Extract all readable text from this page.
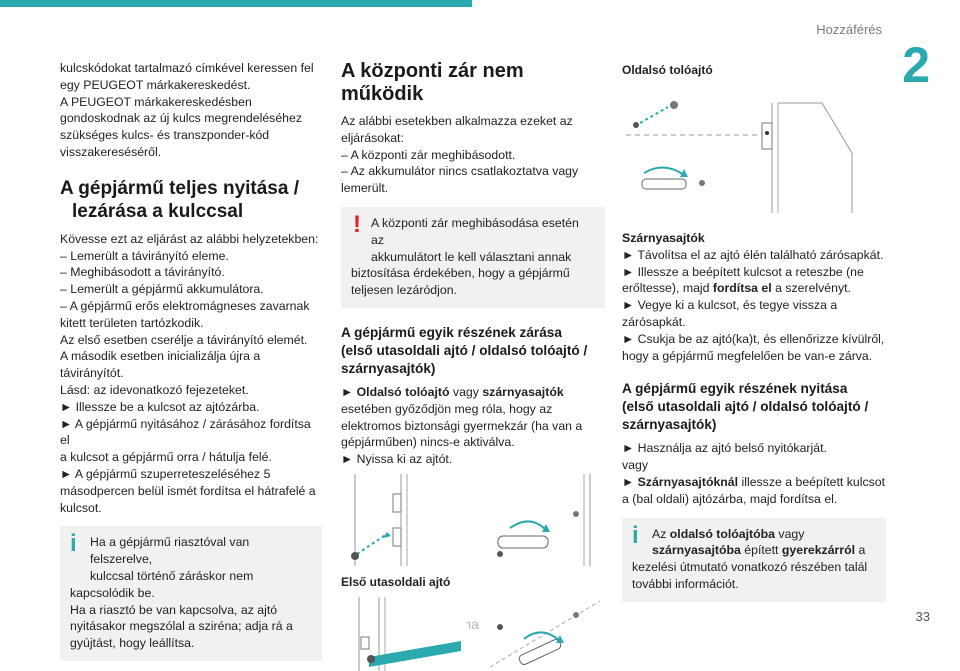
Hozzáférés
2
33

kulcskódokat tartalmazó címkével keressen fel

egy PEUGEOT márkakereskedést.

A PEUGEOT márkakereskedésben

gondoskodnak az új kulcs megrendeléséhez

szükséges kulcs- és transzponder-kód

visszakereséséről.

A gépjármű teljes nyitása /
lezárása a kulccsal

Kövesse ezt az eljárást az alábbi helyzetekben:

– Lemerült a távirányító eleme.

– Meghibásodott a távirányító.

– Lemerült a gépjármű akkumulátora.

– A gépjármű erős elektromágneses zavarnak

kitett területen tartózkodik.

Az első esetben cserélje a távirányító elemét.

A második esetben inicializálja újra a távirányítót.

Lásd: az idevonatkozó fejezeteket.

► Illessze be a kulcsot az ajtózárba.

► A gépjármű nyitásához / zárásához fordítsa el

a kulcsot a gépjármű orra / hátulja felé.

► A gépjármű szuperreteszeléséhez 5

másodpercen belül ismét fordítsa el hátrafelé a

kulcsot.

i	Ha a gépjármű riasztóval van felszerelve,

kulccsal történő záráskor nem

kapcsolódik be.

Ha a riasztó be van kapcsolva, az ajtó

nyitásakor megszólal a sziréna; adja rá a

gyújtást, hogy leállítsa.

A központi zár nem működik

Az alábbi esetekben alkalmazza ezeket az

eljárásokat:

– A központi zár meghibásodott.

– Az akkumulátor nincs csatlakoztatva vagy

lemerült.

! A központi zár meghibásodása esetén az

akkumulátort le kell választani annak

biztosítása érdekében, hogy a gépjármű

teljesen lezáródjon.

A gépjármű egyik részének zárása
(első utasoldali ajtó / oldalsó tolóajtó /
szárnyasajtók)

► Oldalsó tolóajtó vagy szárnyasajtók

esetében győződjön meg róla, hogy az

elektromos biztonsági gyermekzár (ha van a

gépjárműben) nincs-e aktiválva.

► Nyissa ki az ajtót.

Első utasoldali ajtó
Oldalsó tolóajtó
Szárnyasajtók

► Távolítsa el az ajtó élén található zárósapkát.

► Illessze a beépített kulcsot a reteszbe (ne

erőltesse), majd fordítsa el a szerelvényt.

► Vegye ki a kulcsot, és tegye vissza a

zárósapkát.

► Csukja be az ajtó(ka)t, és ellenőrizze kívülről,

hogy a gépjármű megfelelően be van-e zárva.

A gépjármű egyik részének nyitása
(első utasoldali ajtó / oldalsó tolóajtó /
szárnyasajtók)

► Használja az ajtó belső nyitókarját.

vagy

► Szárnyasajtóknál illessze a beépített kulcsot

a (bal oldali) ajtózárba, majd fordítsa el.

i	Az oldalsó tolóajtóba vagy

szárnyasajtóba épített gyerekzárról a

kezelési útmutató vonatkozó részében talál

további információt.
